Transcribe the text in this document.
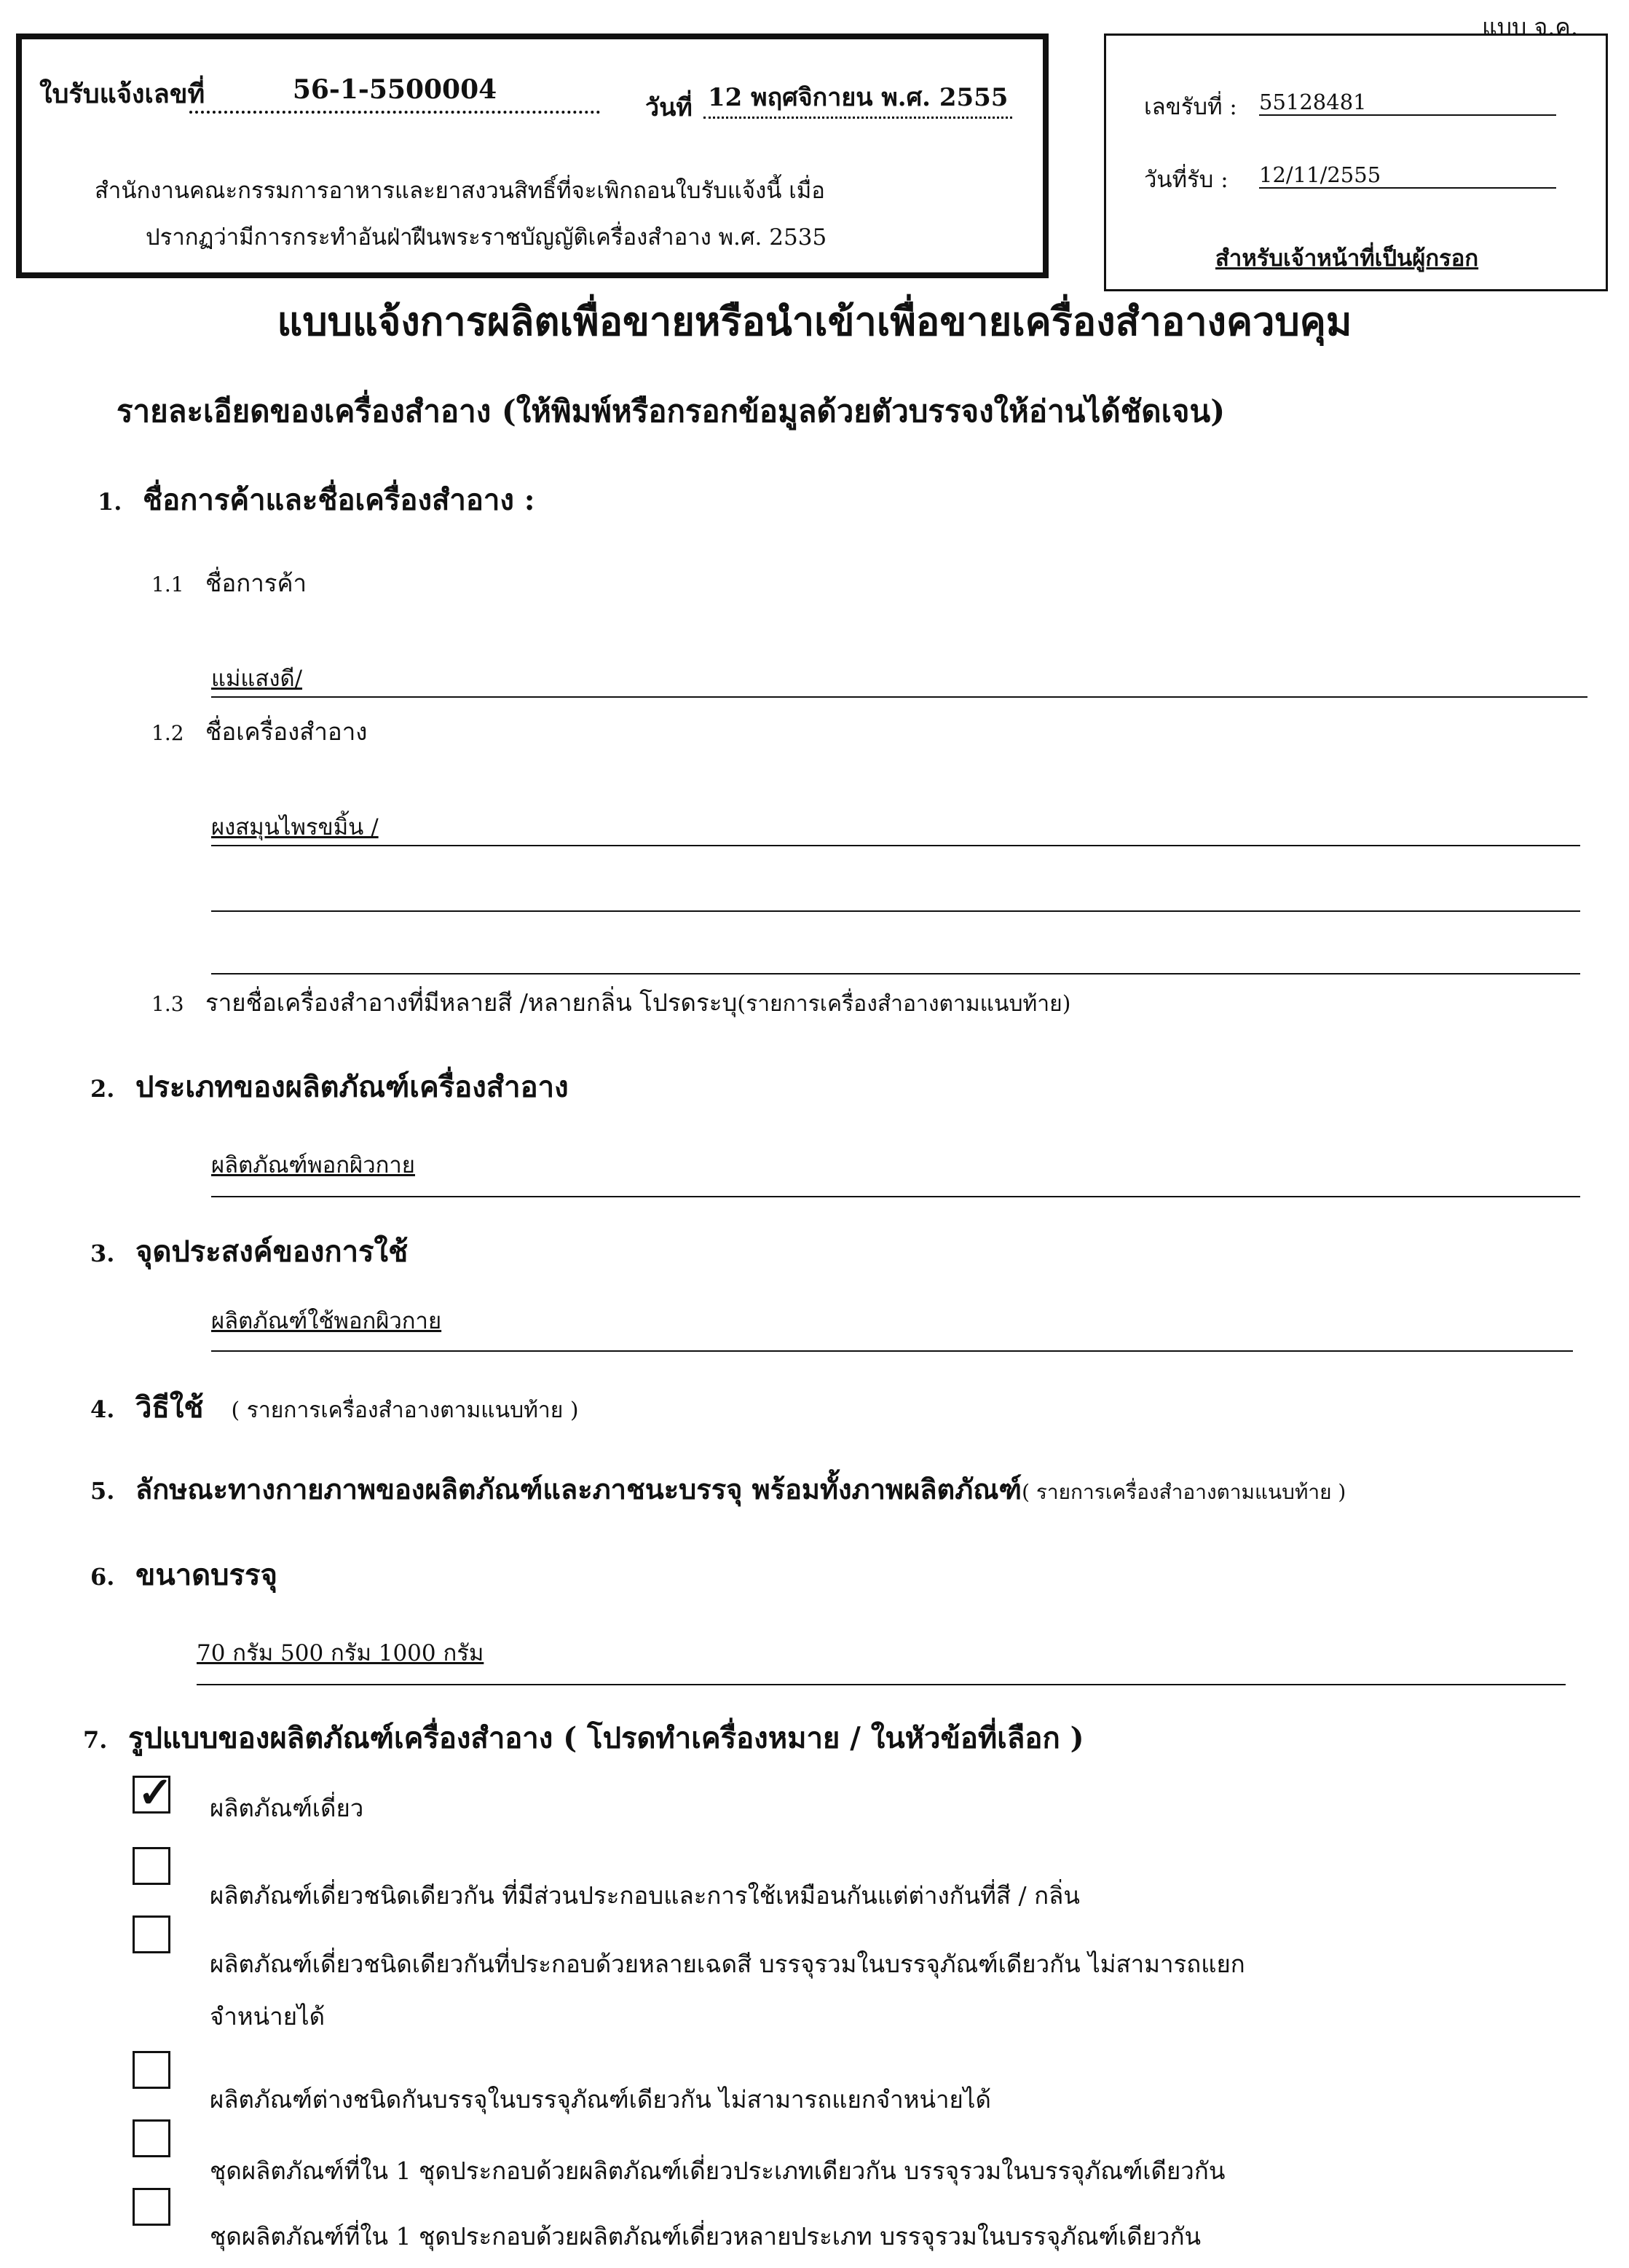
แบบ จ.ค.
ใบรับแจ้งเลขที่	56-1-5500004
วันที่ 12 พฤศจิกายน พ.ศ. 2555
สำนักงานคณะกรรมการอาหารและยาสงวนสิทธิ์ที่จะเพิกถอนใบรับแจ้งนี้ เมื่อ
ปรากฏว่ามีการกระทำอันฝ่าฝืนพระราชบัญญัติเครื่องสำอาง พ.ศ. 2535
เลขรับที่ : 55128481
วันที่รับ : 12/11/2555
สำหรับเจ้าหน้าที่เป็นผู้กรอก
แบบแจ้งการผลิตเพื่อขายหรือนำเข้าเพื่อขายเครื่องสำอางควบคุม
รายละเอียดของเครื่องสำอาง (ให้พิมพ์หรือกรอกข้อมูลด้วยตัวบรรจงให้อ่านได้ชัดเจน)
1. ชื่อการค้าและชื่อเครื่องสำอาง :
1.1 ชื่อการค้า
แม่แสงดี/
1.2 ชื่อเครื่องสำอาง
ผงสมุนไพรขมิ้น /
1.3 รายชื่อเครื่องสำอางที่มีหลายสี /หลายกลิ่น โปรดระบุ(รายการเครื่องสำอางตามแนบท้าย)
2. ประเภทของผลิตภัณฑ์เครื่องสำอาง
ผลิตภัณฑ์พอกผิวกาย
3. จุดประสงค์ของการใช้
ผลิตภัณฑ์ใช้พอกผิวกาย
4. วิธีใช้ ( รายการเครื่องสำอางตามแนบท้าย )
5. ลักษณะทางกายภาพของผลิตภัณฑ์และภาชนะบรรจุ พร้อมทั้งภาพผลิตภัณฑ์( รายการเครื่องสำอางตามแนบท้าย )
6. ขนาดบรรจุ
70 กรัม 500 กรัม 1000 กรัม
7. รูปแบบของผลิตภัณฑ์เครื่องสำอาง ( โปรดทำเครื่องหมาย / ในหัวข้อที่เลือก )
✓ ผลิตภัณฑ์เดี่ยว
ผลิตภัณฑ์เดี่ยวชนิดเดียวกัน ที่มีส่วนประกอบและการใช้เหมือนกันแต่ต่างกันที่สี / กลิ่น
ผลิตภัณฑ์เดี่ยวชนิดเดียวกันที่ประกอบด้วยหลายเฉดสี บรรจุรวมในบรรจุภัณฑ์เดียวกัน ไม่สามารถแยก
จำหน่ายได้
ผลิตภัณฑ์ต่างชนิดกันบรรจุในบรรจุภัณฑ์เดียวกัน ไม่สามารถแยกจำหน่ายได้
ชุดผลิตภัณฑ์ที่ใน 1 ชุดประกอบด้วยผลิตภัณฑ์เดี่ยวประเภทเดียวกัน บรรจุรวมในบรรจุภัณฑ์เดียวกัน
ชุดผลิตภัณฑ์ที่ใน 1 ชุดประกอบด้วยผลิตภัณฑ์เดี่ยวหลายประเภท บรรจุรวมในบรรจุภัณฑ์เดียวกัน
